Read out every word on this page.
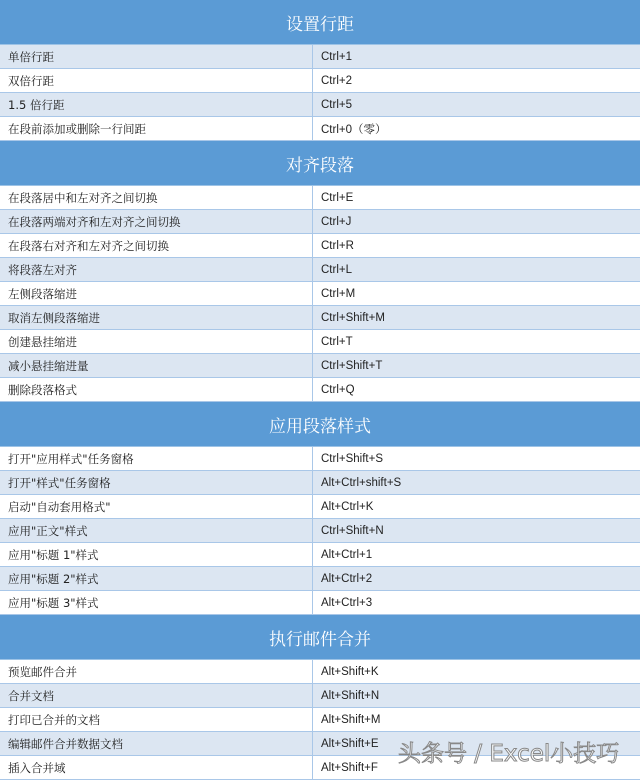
设置行距
单倍行距	Ctrl+1
双倍行距	Ctrl+2
1.5 倍行距	Ctrl+5
在段前添加或删除一行间距	Ctrl+0（零）
对齐段落
在段落居中和左对齐之间切换	Ctrl+E
在段落两端对齐和左对齐之间切换	Ctrl+J
在段落右对齐和左对齐之间切换	Ctrl+R
将段落左对齐	Ctrl+L
左侧段落缩进	Ctrl+M
取消左侧段落缩进	Ctrl+Shift+M
创建悬挂缩进	Ctrl+T
减小悬挂缩进量	Ctrl+Shift+T
删除段落格式	Ctrl+Q
应用段落样式
打开"应用样式"任务窗格	Ctrl+Shift+S
打开"样式"任务窗格	Alt+Ctrl+shift+S
启动"自动套用格式"	Alt+Ctrl+K
应用"正文"样式	Ctrl+Shift+N
应用"标题 1"样式	Alt+Ctrl+1
应用"标题 2"样式	Alt+Ctrl+2
应用"标题 3"样式	Alt+Ctrl+3
执行邮件合并
预览邮件合并	Alt+Shift+K
合并文档	Alt+Shift+N
打印已合并的文档	Alt+Shift+M
编辑邮件合并数据文档	Alt+Shift+E
插入合并域	Alt+Shift+F
头条号 / Excel小技巧
